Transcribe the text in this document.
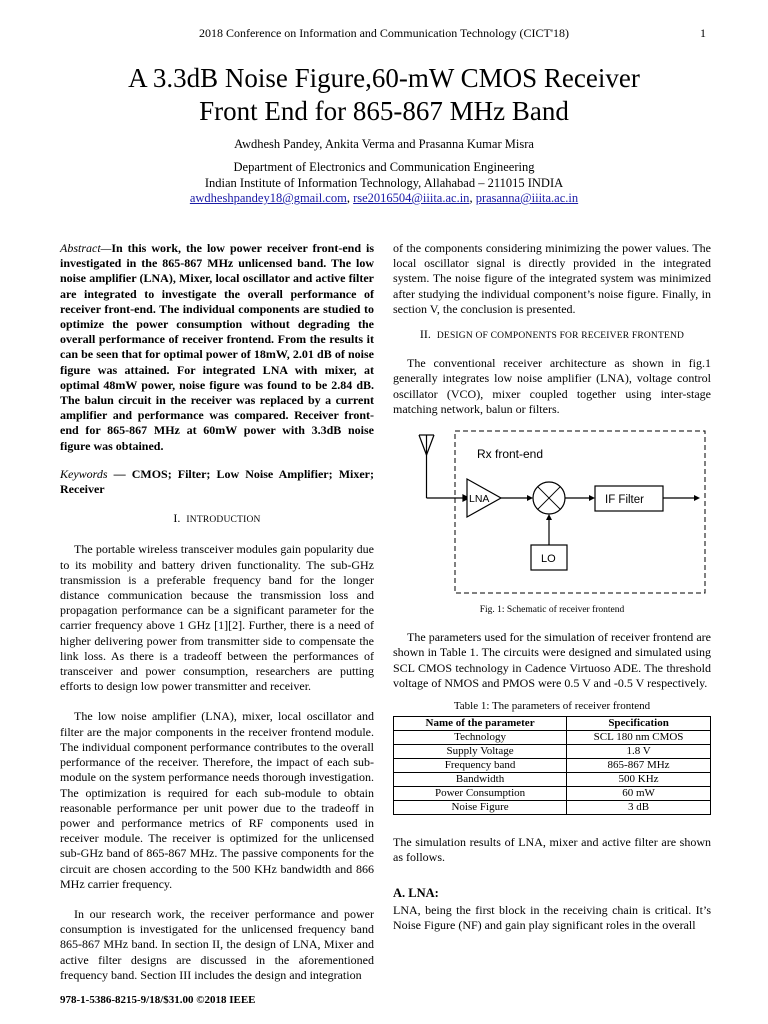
2018 Conference on Information and Communication Technology (CICT'18)	1
A 3.3dB Noise Figure,60-mW CMOS Receiver
Front End for 865-867 MHz Band
Awdhesh Pandey, Ankita Verma and Prasanna Kumar Misra
Department of Electronics and Communication Engineering
Indian Institute of Information Technology, Allahabad – 211015 INDIA
awdheshpandey18@gmail.com, rse2016504@iiita.ac.in, prasanna@iiita.ac.in

Abstract—In this work, the low power receiver front-end is investigated in the 865-867 MHz unlicensed band. The low noise amplifier (LNA), Mixer, local oscillator and active filter are integrated to investigate the overall performance of receiver front-end. The individual components are studied to optimize the power consumption without degrading the overall performance of receiver frontend. From the results it can be seen that for optimal power of 18mW, 2.01 dB of noise figure was attained. For integrated LNA with mixer, at optimal 48mW power, noise figure was found to be 2.84 dB. The balun circuit in the receiver was replaced by a current amplifier and performance was compared. Receiver front-end for 865-867 MHz at 60mW power with 3.3dB noise figure was obtained.

Keywords — CMOS; Filter; Low Noise Amplifier; Mixer; Receiver

I. INTRODUCTION

The portable wireless transceiver modules gain popularity due to its mobility and battery driven functionality. The sub-GHz transmission is a preferable frequency band for the longer distance communication because the transmission loss and propagation performance can be a significant parameter for the carrier frequency above 1 GHz [1][2]. Further, there is a need of higher delivering power from transmitter side to compensate the link loss. As there is a tradeoff between the performances of transceiver and power consumption, researchers are putting efforts to design low power transmitter and receiver.

The low noise amplifier (LNA), mixer, local oscillator and filter are the major components in the receiver frontend module. The individual component performance contributes to the overall performance of the receiver. Therefore, the impact of each sub-module on the system performance needs thorough investigation. The optimization is required for each sub-module to obtain reasonable performance per unit power due to the tradeoff in power and performance metrics of RF components used in receiver module. The receiver is optimized for the unlicensed sub-GHz band of 865-867 MHz. The passive components for the circuit are chosen according to the 500 KHz bandwidth and 866 MHz carrier frequency.

In our research work, the receiver performance and power consumption is investigated for the unlicensed frequency band 865-867 MHz band. In section II, the design of LNA, Mixer and active filter designs are discussed in the aforementioned frequency band. Section III includes the design and integration

of the components considering minimizing the power values. The local oscillator signal is directly provided in the integrated system. The noise figure of the integrated system was minimized after studying the individual component’s noise figure. Finally, in section V, the conclusion is presented.

II. DESIGN OF COMPONENTS FOR RECEIVER FRONTEND

The conventional receiver architecture as shown in fig.1 generally integrates low noise amplifier (LNA), voltage control oscillator (VCO), mixer coupled together using inter-stage matching network, balun or filters.

Rx front-end
LNA	IF Filter
LO
Fig. 1: Schematic of receiver frontend

The parameters used for the simulation of receiver frontend are shown in Table 1. The circuits were designed and simulated using SCL CMOS technology in Cadence Virtuoso ADE. The threshold voltage of NMOS and PMOS were 0.5 V and -0.5 V respectively.

Table 1: The parameters of receiver frontend
Name of the parameter	Specification
Technology	SCL 180 nm CMOS
Supply Voltage	1.8 V
Frequency band	865-867 MHz
Bandwidth	500 KHz
Power Consumption	60 mW
Noise Figure	3 dB

The simulation results of LNA, mixer and active filter are shown as follows.

A. LNA:

LNA, being the first block in the receiving chain is critical. It’s Noise Figure (NF) and gain play significant roles in the overall

978-1-5386-8215-9/18/$31.00 ©2018 IEEE
